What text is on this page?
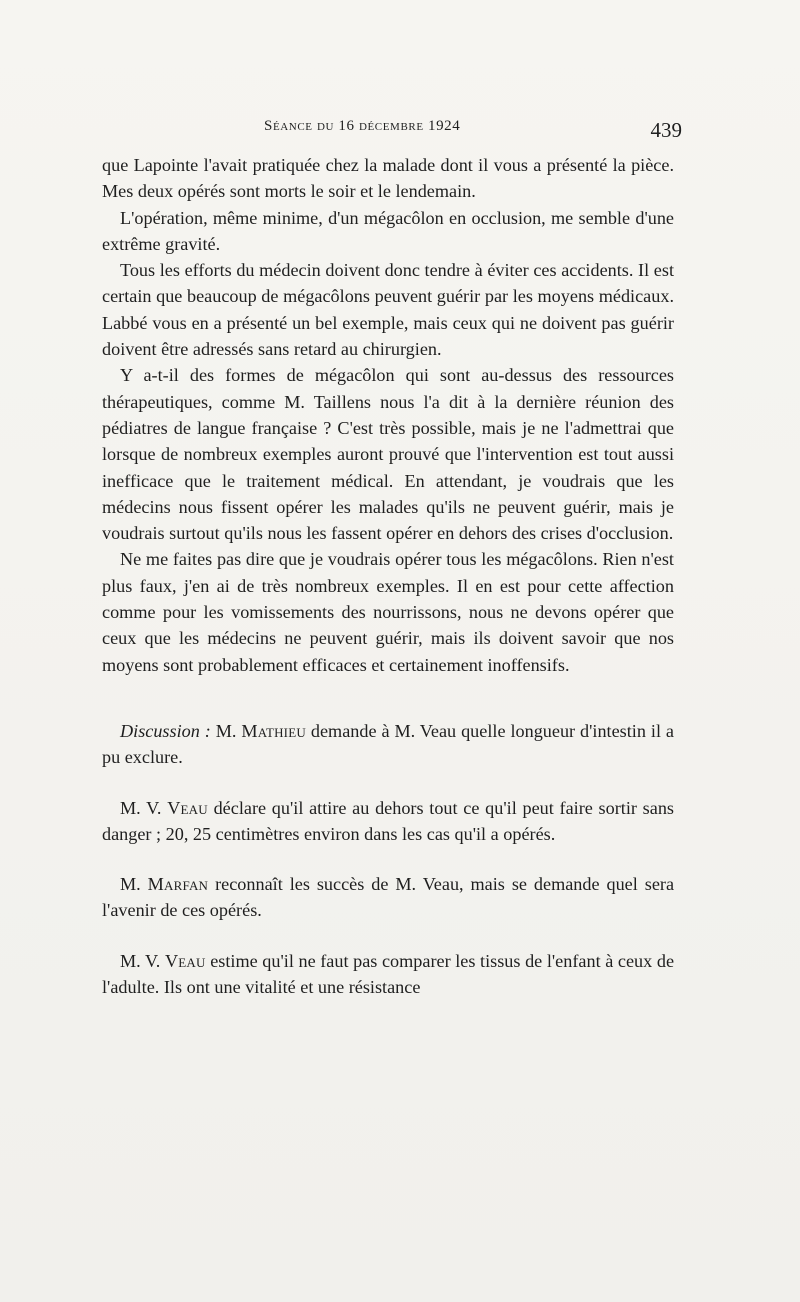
Séance du 16 décembre 1924	439

que Lapointe l'avait pratiquée chez la malade dont il vous a présenté la pièce. Mes deux opérés sont morts le soir et le lendemain.

L'opération, même minime, d'un mégacôlon en occlusion, me semble d'une extrême gravité.

Tous les efforts du médecin doivent donc tendre à éviter ces accidents. Il est certain que beaucoup de mégacôlons peuvent guérir par les moyens médicaux. Labbé vous en a présenté un bel exemple, mais ceux qui ne doivent pas guérir doivent être adressés sans retard au chirurgien.

Y a-t-il des formes de mégacôlon qui sont au-dessus des ressources thérapeutiques, comme M. Taillens nous l'a dit à la dernière réunion des pédiatres de langue française ? C'est très possible, mais je ne l'admettrai que lorsque de nombreux exemples auront prouvé que l'intervention est tout aussi inefficace que le traitement médical. En attendant, je voudrais que les médecins nous fissent opérer les malades qu'ils ne peuvent guérir, mais je voudrais surtout qu'ils nous les fassent opérer en dehors des crises d'occlusion.

Ne me faites pas dire que je voudrais opérer tous les mégacôlons. Rien n'est plus faux, j'en ai de très nombreux exemples. Il en est pour cette affection comme pour les vomissements des nourrissons, nous ne devons opérer que ceux que les médecins ne peuvent guérir, mais ils doivent savoir que nos moyens sont probablement efficaces et certainement inoffensifs.

Discussion : M. Mathieu demande à M. Veau quelle longueur d'intestin il a pu exclure.

M. V. Veau déclare qu'il attire au dehors tout ce qu'il peut faire sortir sans danger ; 20, 25 centimètres environ dans les cas qu'il a opérés.

M. Marfan reconnaît les succès de M. Veau, mais se demande quel sera l'avenir de ces opérés.

M. V. Veau estime qu'il ne faut pas comparer les tissus de l'enfant à ceux de l'adulte. Ils ont une vitalité et une résistance
